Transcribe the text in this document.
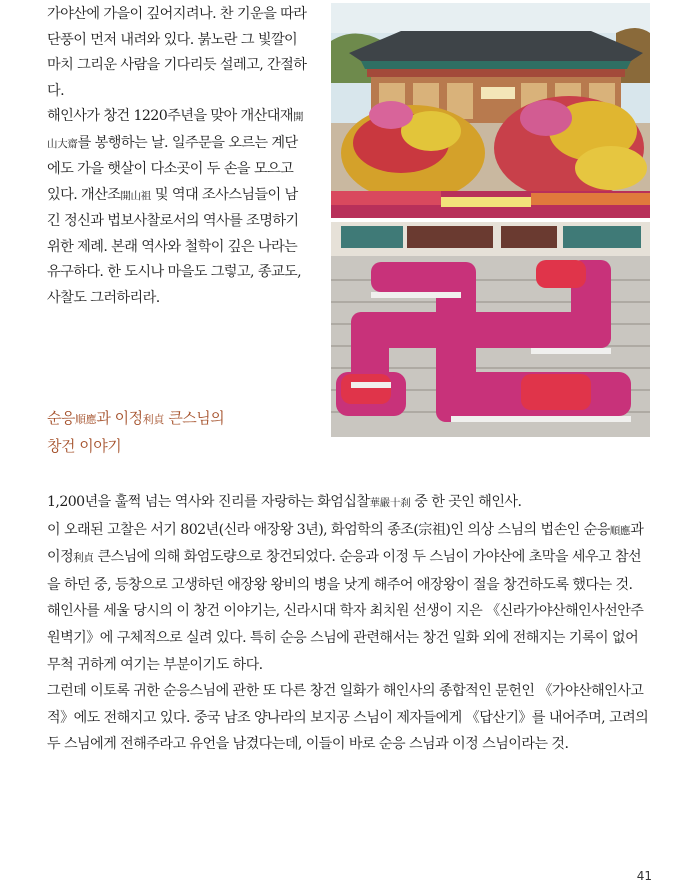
가야산에 가을이 깊어지려나. 찬 기운을 따라 단풍이 먼저 내려와 있다. 붉노란 그 빛깔이 마치 그리운 사람을 기다리듯 설레고, 간절하다.

해인사가 창건 1220주년을 맞아 개산대재開山大齋를 봉행하는 날. 일주문을 오르는 계단에도 가을 햇살이 다소곳이 두 손을 모으고 있다. 개산조開山祖 및 역대 조사스님들이 남긴 정신과 법보사찰로서의 역사를 조명하기 위한 제례. 본래 역사와 철학이 깊은 나라는 유구하다. 한 도시나 마을도 그렇고, 종교도, 사찰도 그러하리라.

순응順應과 이정利貞 큰스님의
창건 이야기

1,200년을 훌쩍 넘는 역사와 진리를 자랑하는 화엄십찰華嚴十刹 중 한 곳인 해인사.

이 오래된 고찰은 서기 802년(신라 애장왕 3년), 화엄학의 종조(宗祖)인 의상 스님의 법손인 순응順應과 이정利貞 큰스님에 의해 화엄도량으로 창건되었다. 순응과 이정 두 스님이 가야산에 초막을 세우고 참선을 하던 중, 등창으로 고생하던 애장왕 왕비의 병을 낫게 해주어 애장왕이 절을 창건하도록 했다는 것.

해인사를 세울 당시의 이 창건 이야기는, 신라시대 학자 최치원 선생이 지은 《신라가야산해인사선안주원벽기》에 구체적으로 실려 있다. 특히 순응 스님에 관련해서는 창건 일화 외에 전해지는 기록이 없어 무척 귀하게 여기는 부분이기도 하다.

그런데 이토록 귀한 순응스님에 관한 또 다른 창건 일화가 해인사의 종합적인 문헌인 《가야산해인사고적》에도 전해지고 있다. 중국 남조 양나라의 보지공 스님이 제자들에게 《답산기》를 내어주며, 고려의 두 스님에게 전해주라고 유언을 남겼다는데, 이들이 바로 순응 스님과 이정 스님이라는 것.

41
